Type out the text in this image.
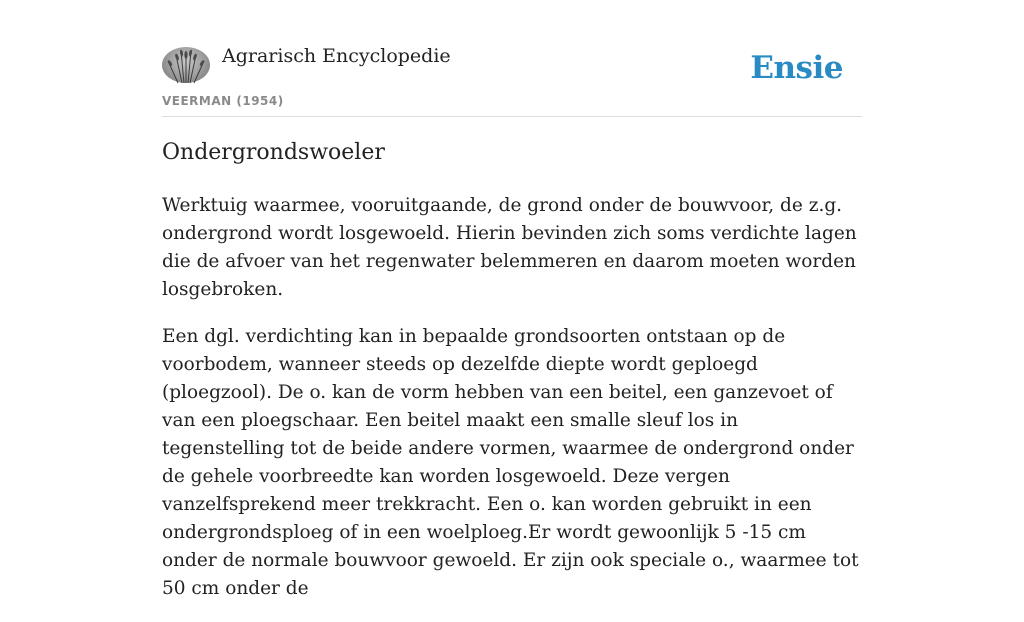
Agrarisch Encyclopedie
VEERMAN (1954)
Ensie
Ondergrondswoeler

Werktuig waarmee, vooruitgaande, de grond onder de bouwvoor, de z.g. ondergrond wordt losgewoeld. Hierin bevinden zich soms verdichte lagen die de afvoer van het regenwater belemmeren en daarom moeten worden losgebroken.

Een dgl. verdichting kan in bepaalde grondsoorten ontstaan op de voorbodem, wanneer steeds op dezelfde diepte wordt geploegd (ploegzool). De o. kan de vorm hebben van een beitel, een ganzevoet of van een ploegschaar. Een beitel maakt een smalle sleuf los in tegenstelling tot de beide andere vormen, waarmee de ondergrond onder de gehele voorbreedte kan worden losgewoeld. Deze vergen vanzelfsprekend meer trekkracht. Een o. kan worden gebruikt in een ondergrondsploeg of in een woelploeg.Er wordt gewoonlijk 5 -15 cm onder de normale bouwvoor gewoeld. Er zijn ook speciale o., waarmee tot 50 cm onder de
